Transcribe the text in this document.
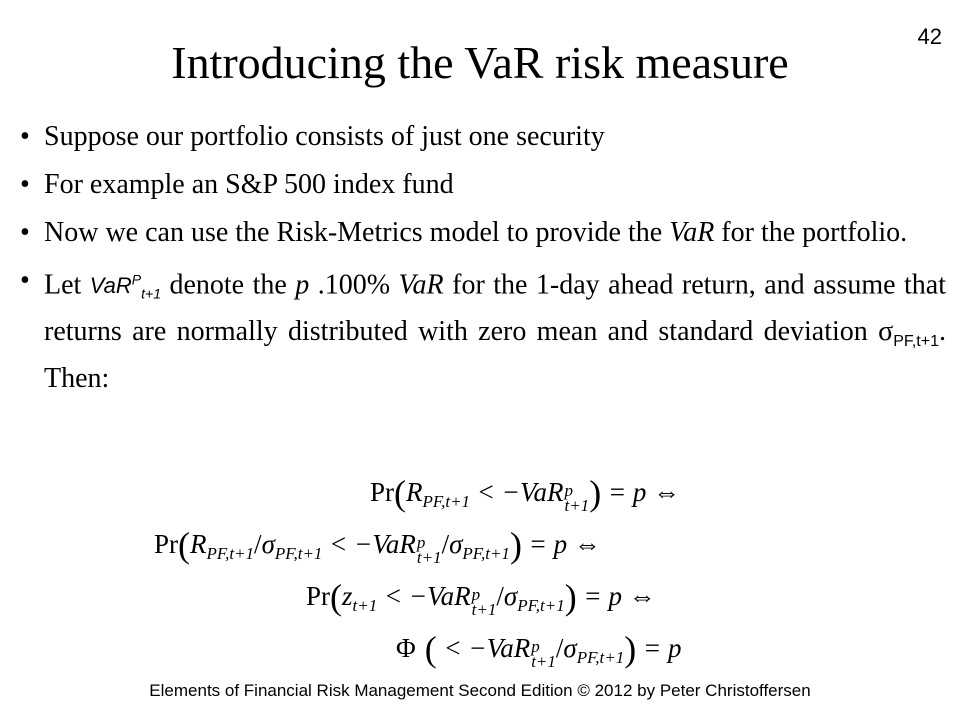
42
Introducing the VaR risk measure
• Suppose our portfolio consists of just one security
• For example an S&P 500 index fund
• Now we can use the Risk-Metrics model to provide the VaR for the portfolio.
• Let VaR$^P_{t+1}$ denote the p .100% VaR for the 1-day ahead return, and assume that returns are normally distributed with zero mean and standard deviation $\sigma_{PF,t+1}$. Then:
$Pr(R_{PF,t+1} < -VaR$ p
t+1 ) = p ⇔
$Pr(R_{PF,t+1}/\sigma_{PF,t+1} < -VaR$ p
t+1 $/\sigma_{PF,t+1}) = p$ ⇔
$Pr(z_{t+1} < -VaR$ p
t+1 $/\sigma_{PF,t+1}) = p$ ⇔
Φ ( < −VaR p
t+1 $/\sigma_{PF,t+1}) = p$
Elements of Financial Risk Management Second Edition © 2012 by Peter Christoffersen
